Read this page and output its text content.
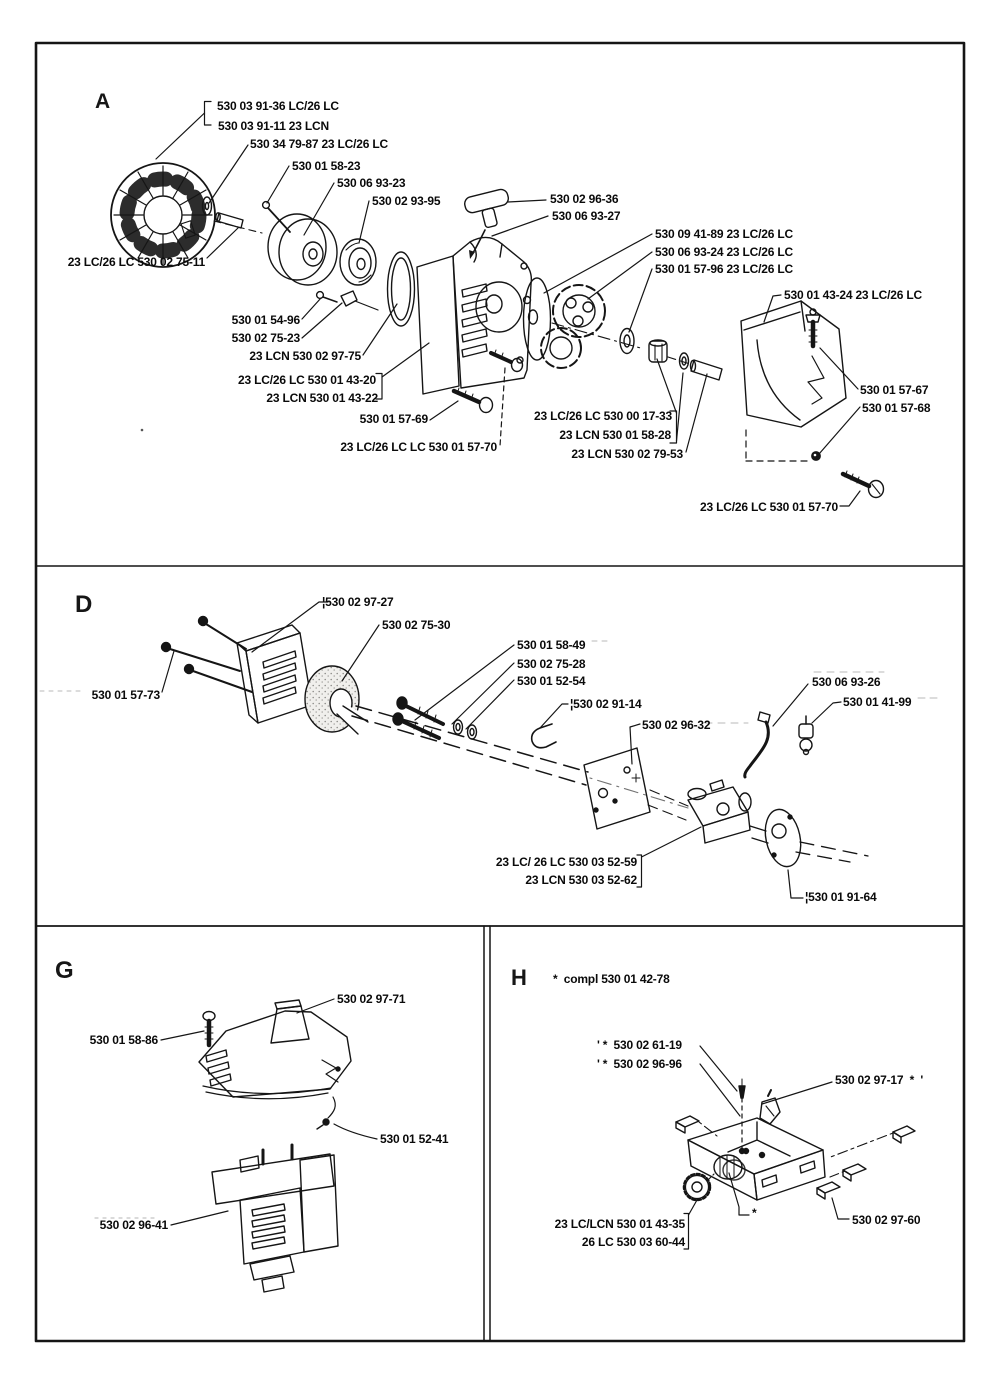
A
D
G	H
530 03 91-36 LC/26 LC
530 03 91-11 23 LCN
530 34 79-87 23 LC/26 LC
530 01 58-23
530 06 93-23
530 02 93-95
23 LC/26 LC 530 02 75-11
530 02 96-36
530 06 93-27
530 09 41-89 23 LC/26 LC
530 06 93-24 23 LC/26 LC
530 01 57-96 23 LC/26 LC
530 01 43-24 23 LC/26 LC
530 01 57-67
530 01 57-68
530 01 54-96
530 02 75-23
23 LCN 530 02 97-75
23 LC/26 LC 530 01 43-20
23 LCN 530 01 43-22
530 01 57-69
23 LC/26 LC LC 530 01 57-70
23 LC/26 LC 530 00 17-33
23 LCN 530 01 58-28
23 LCN 530 02 79-53
23 LC/26 LC 530 01 57-70
¦530 02 97-27
530 02 75-30
530 01 57-73
530 01 58-49
530 02 75-28
530 01 52-54
¦530 02 91-14
530 02 96-32
530 06 93-26
530 01 41-99
23 LC/ 26 LC 530 03 52-59
23 LCN 530 03 52-62
¦530 01 91-64
530 02 97-71
530 01 58-86
530 01 52-41
530 02 96-41
*  compl 530 01 42-78
' *  530 02 61-19
' *  530 02 96-96
530 02 97-17  *  '
23 LC/LCN 530 01 43-35
26 LC 530 03 60-44
530 02 97-60
*
